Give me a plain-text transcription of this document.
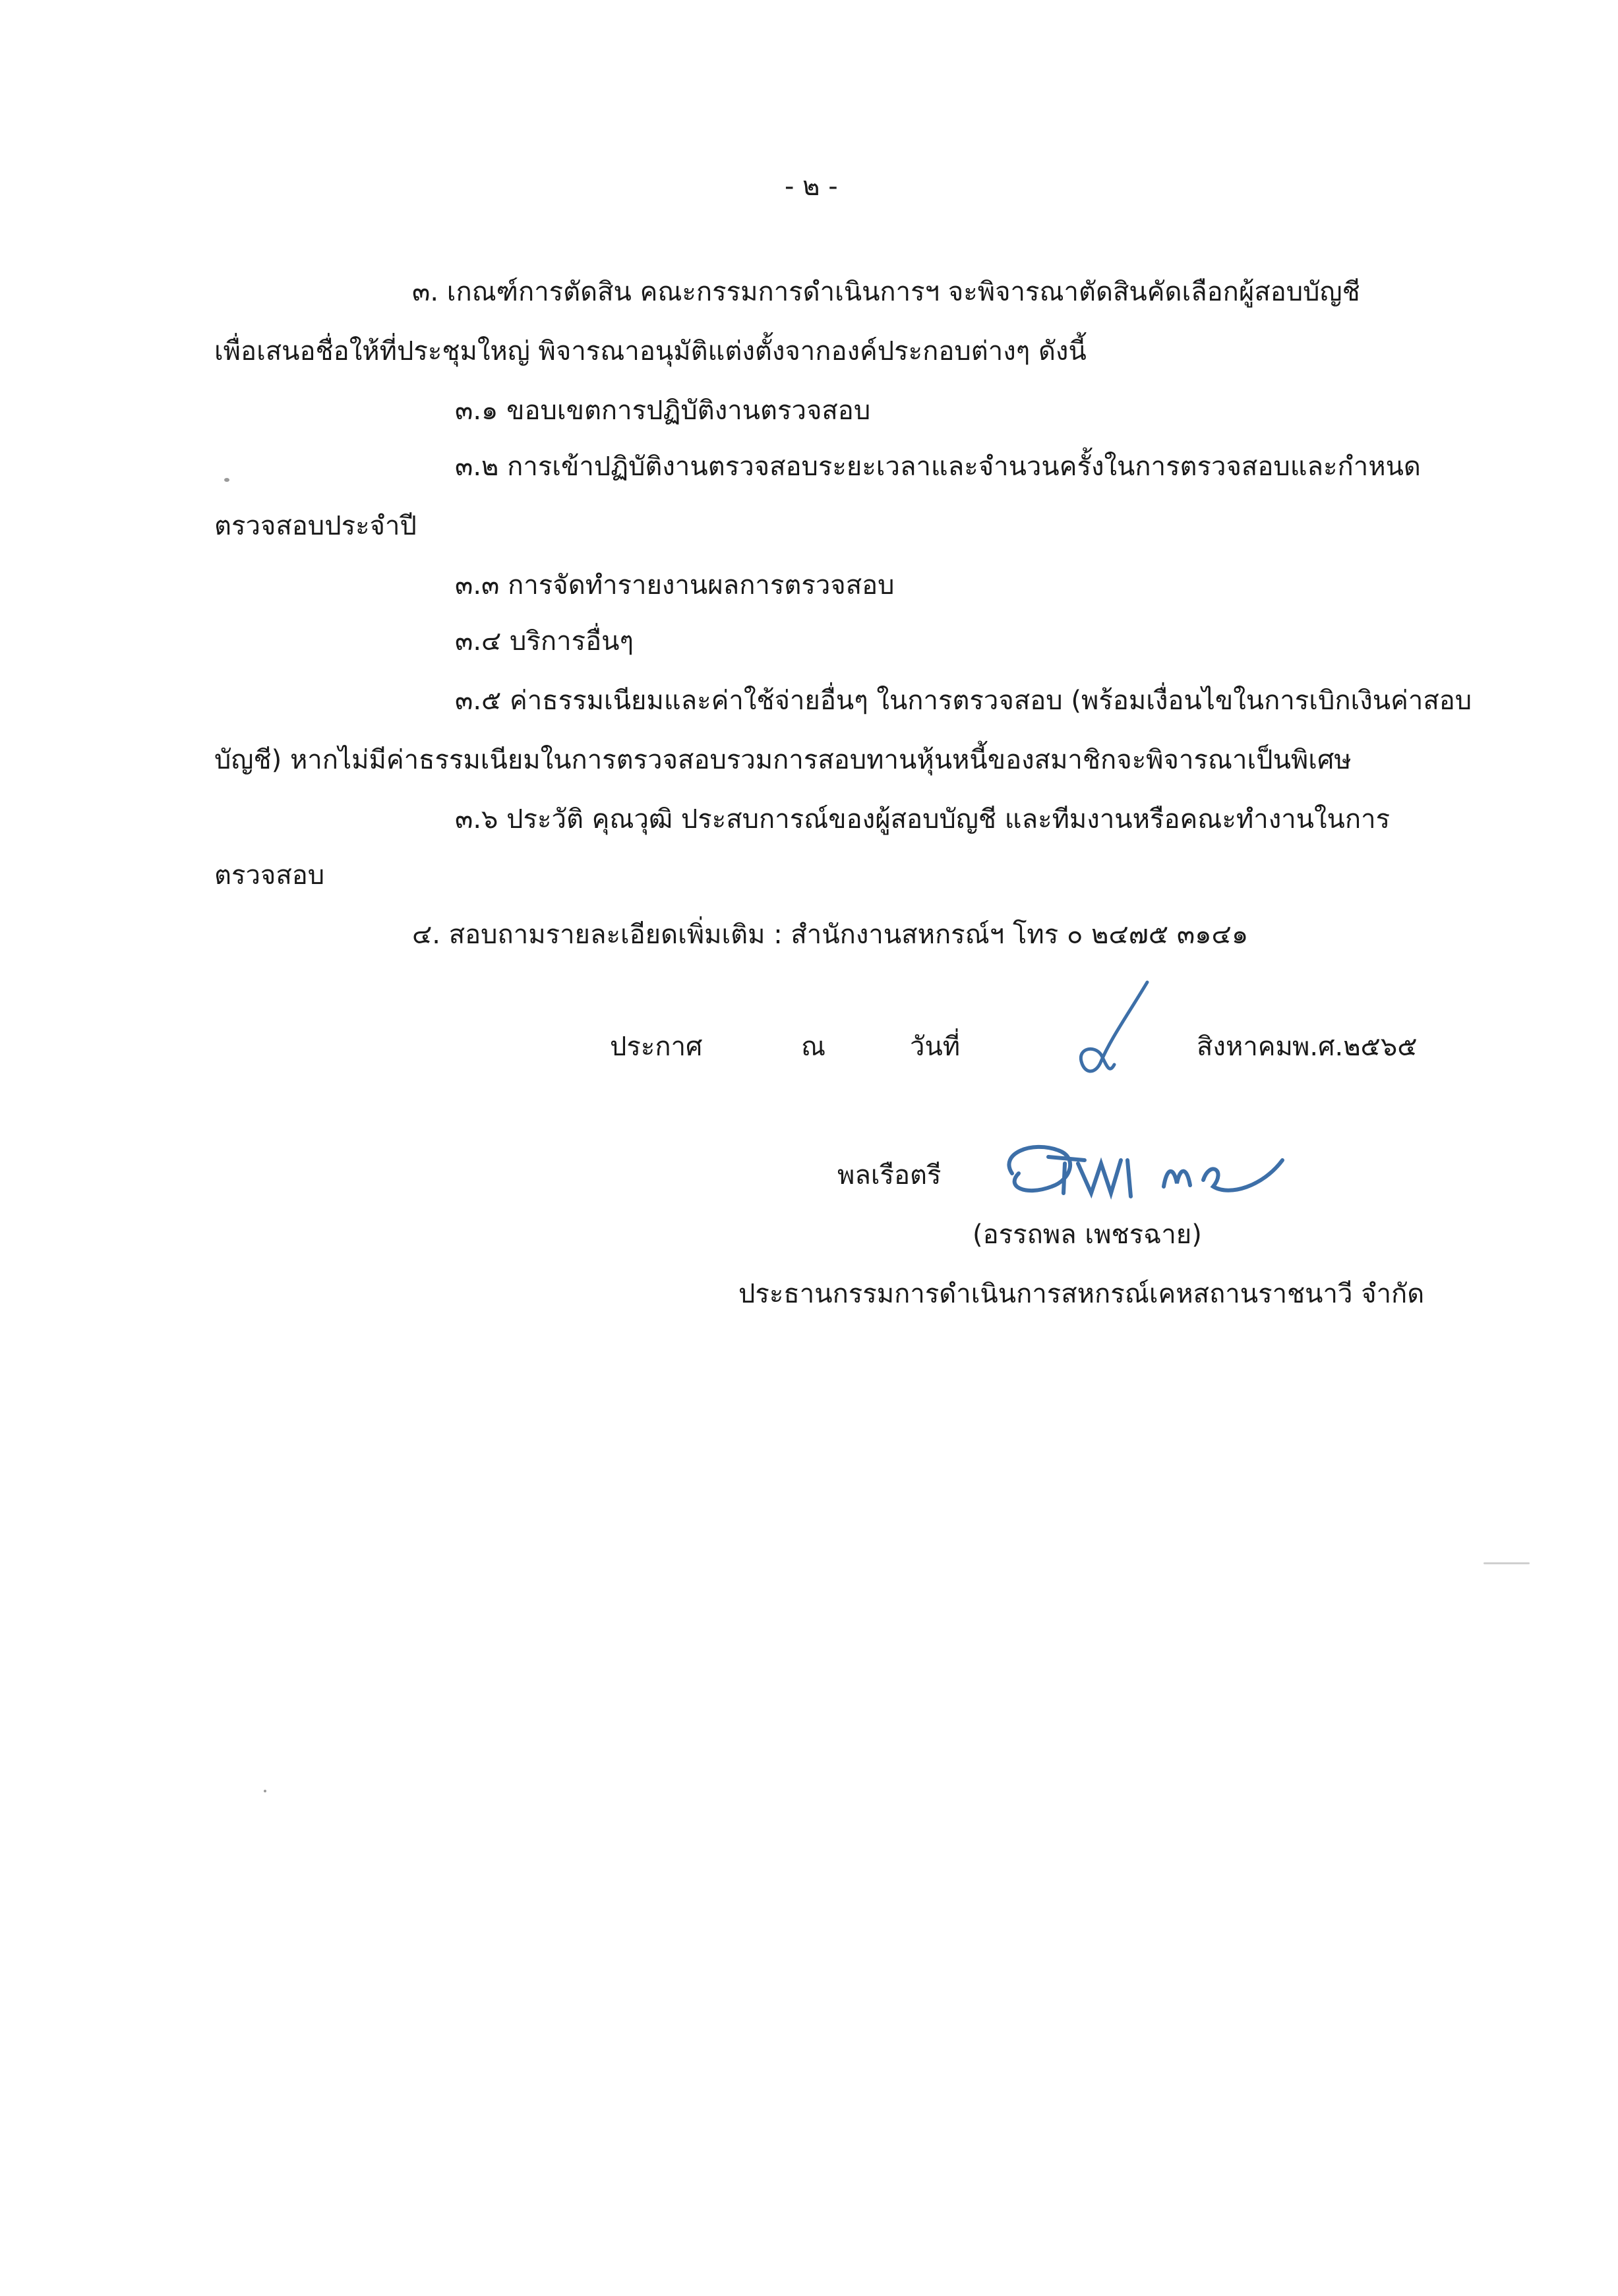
- ๒ -
๓. เกณฑ์การตัดสิน คณะกรรมการดำเนินการฯ จะพิจารณาตัดสินคัดเลือกผู้สอบบัญชี
เพื่อเสนอชื่อให้ที่ประชุมใหญ่ พิจารณาอนุมัติแต่งตั้งจากองค์ประกอบต่างๆ ดังนี้
๓.๑ ขอบเขตการปฏิบัติงานตรวจสอบ
๓.๒ การเข้าปฏิบัติงานตรวจสอบระยะเวลาและจำนวนครั้งในการตรวจสอบและกำหนด
ตรวจสอบประจำปี
๓.๓ การจัดทำรายงานผลการตรวจสอบ
๓.๔ บริการอื่นๆ
๓.๕ ค่าธรรมเนียมและค่าใช้จ่ายอื่นๆ ในการตรวจสอบ (พร้อมเงื่อนไขในการเบิกเงินค่าสอบ
บัญชี) หากไม่มีค่าธรรมเนียมในการตรวจสอบรวมการสอบทานหุ้นหนี้ของสมาชิกจะพิจารณาเป็นพิเศษ
๓.๖ ประวัติ คุณวุฒิ ประสบการณ์ของผู้สอบบัญชี และทีมงานหรือคณะทำงานในการ
ตรวจสอบ
๔. สอบถามรายละเอียดเพิ่มเติม : สำนักงานสหกรณ์ฯ โทร ๐ ๒๔๗๕ ๓๑๔๑
ประกาศ	ณ	วันที่	สิงหาคม พ.ศ.๒๕๖๕
พลเรือตรี
(อรรถพล เพชรฉาย)
ประธานกรรมการดำเนินการสหกรณ์เคหสถานราชนาวี จำกัด
